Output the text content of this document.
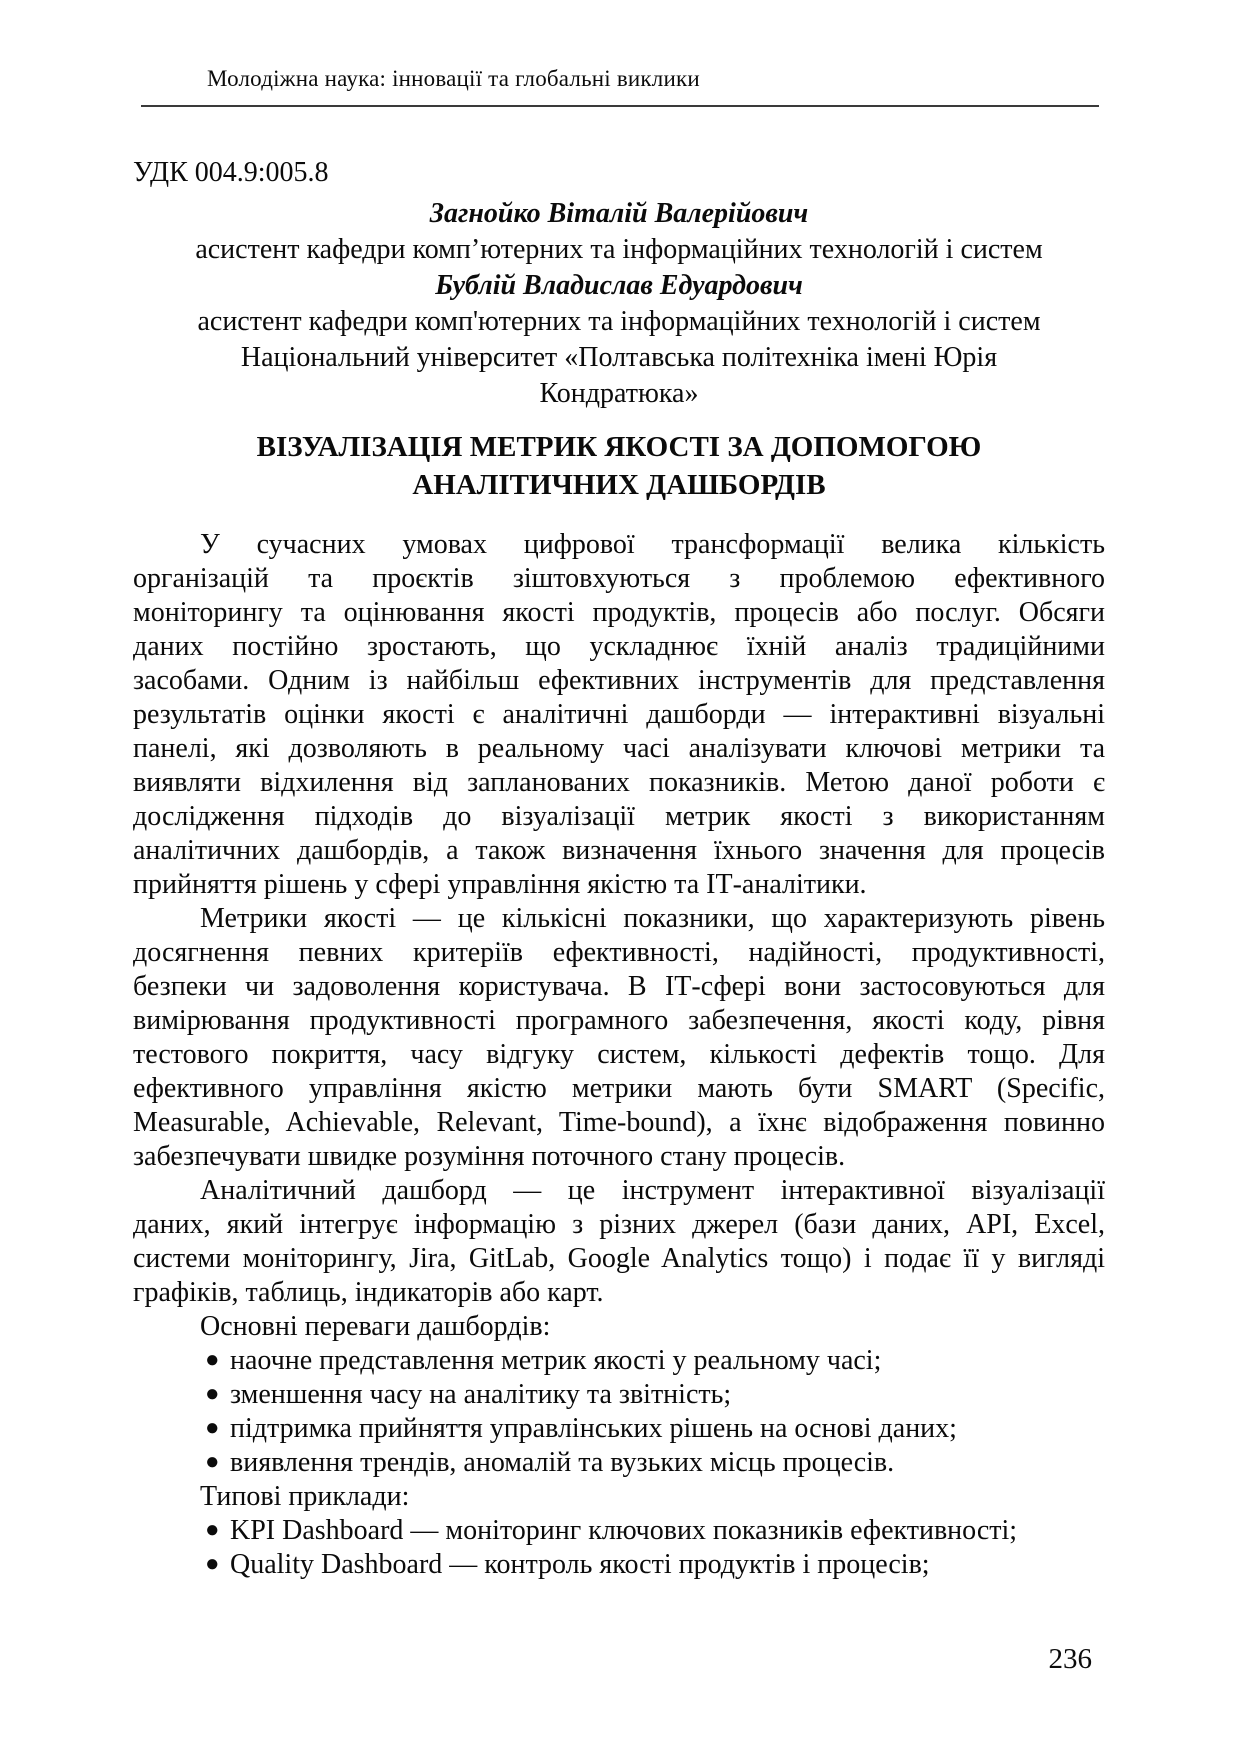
Молодіжна наука: інновації та глобальні виклики
УДК 004.9:005.8
Загнойко Віталій Валерійович
асистент кафедри комп’ютерних та інформаційних технологій і систем
Бублій Владислав Едуардович
асистент кафедри комп'ютерних та інформаційних технологій і систем
Національний університет «Полтавська політехніка імені Юрія
Кондратюка»
ВІЗУАЛІЗАЦІЯ МЕТРИК ЯКОСТІ ЗА ДОПОМОГОЮ
АНАЛІТИЧНИХ ДАШБОРДІВ
У сучасних умовах цифрової трансформації велика кількість
організацій та проєктів зіштовхуються з проблемою ефективного
моніторингу та оцінювання якості продуктів, процесів або послуг. Обсяги
даних постійно зростають, що ускладнює їхній аналіз традиційними
засобами. Одним із найбільш ефективних інструментів для представлення
результатів оцінки якості є аналітичні дашборди — інтерактивні візуальні
панелі, які дозволяють в реальному часі аналізувати ключові метрики та
виявляти відхилення від запланованих показників. Метою даної роботи є
дослідження підходів до візуалізації метрик якості з використанням
аналітичних дашбордів, а також визначення їхнього значення для процесів
прийняття рішень у сфері управління якістю та ІТ-аналітики.
Метрики якості — це кількісні показники, що характеризують рівень
досягнення певних критеріїв ефективності, надійності, продуктивності,
безпеки чи задоволення користувача. В ІТ-сфері вони застосовуються для
вимірювання продуктивності програмного забезпечення, якості коду, рівня
тестового покриття, часу відгуку систем, кількості дефектів тощо. Для
ефективного управління якістю метрики мають бути SMART (Specific,
Measurable, Achievable, Relevant, Time-bound), а їхнє відображення повинно
забезпечувати швидке розуміння поточного стану процесів.
Аналітичний дашборд — це інструмент інтерактивної візуалізації
даних, який інтегрує інформацію з різних джерел (бази даних, API, Excel,
системи моніторингу, Jira, GitLab, Google Analytics тощо) і подає її у вигляді
графіків, таблиць, індикаторів або карт.
Основні переваги дашбордів:
● наочне представлення метрик якості у реальному часі;
● зменшення часу на аналітику та звітність;
● підтримка прийняття управлінських рішень на основі даних;
● виявлення трендів, аномалій та вузьких місць процесів.
Типові приклади:
● KPI Dashboard — моніторинг ключових показників ефективності;
● Quality Dashboard — контроль якості продуктів і процесів;
236
